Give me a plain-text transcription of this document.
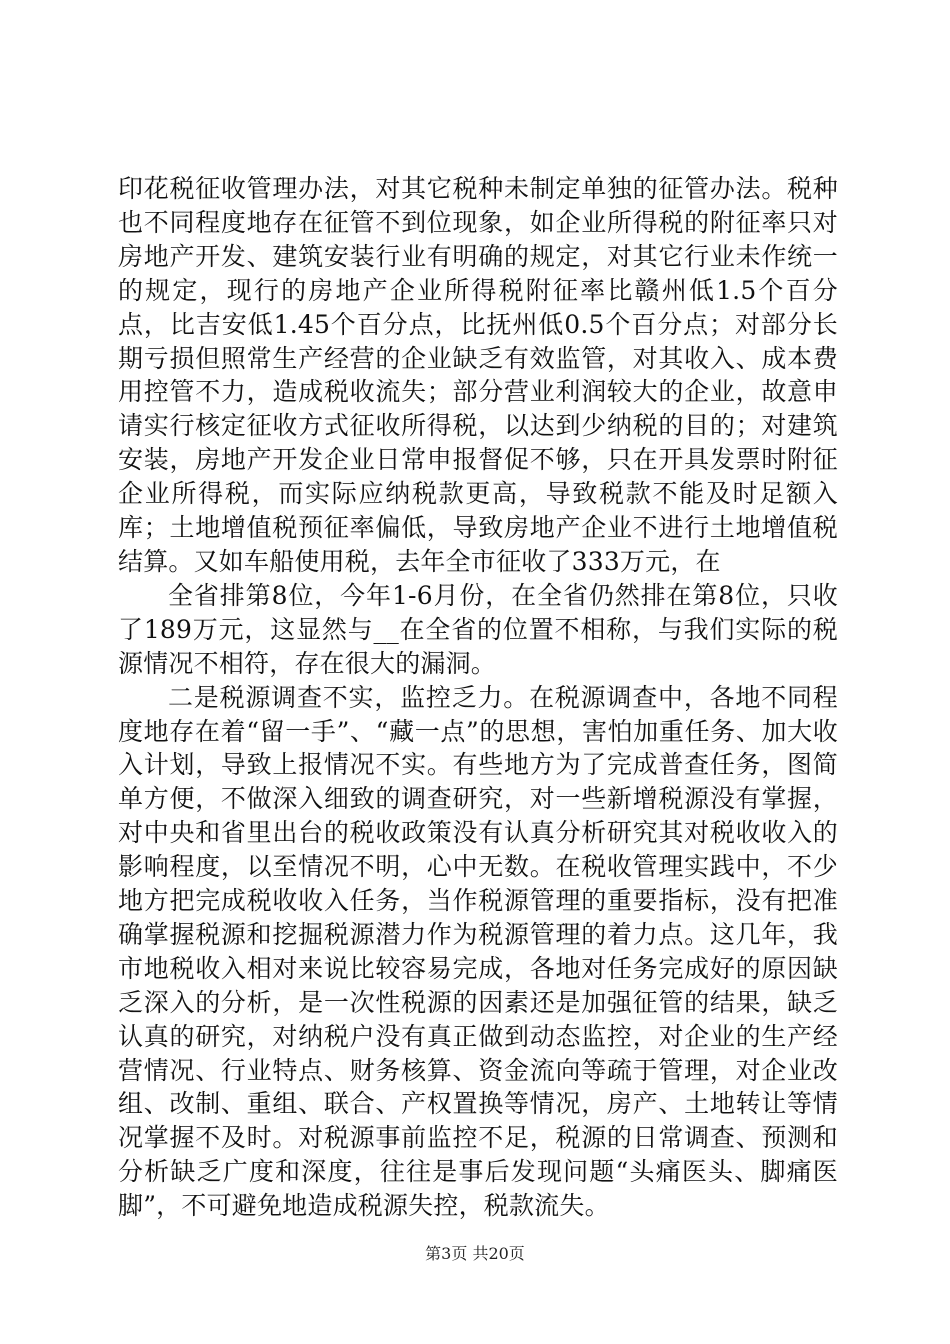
印花税征收管理办法，对其它税种未制定单独的征管办法。税种也不同程度地存在征管不到位现象，如企业所得税的附征率只对房地产开发、建筑安装行业有明确的规定，对其它行业未作统一的规定，现行的房地产企业所得税附征率比赣州低1.5个百分点，比吉安低1.45个百分点，比抚州低0.5个百分点；对部分长期亏损但照常生产经营的企业缺乏有效监管，对其收入、成本费用控管不力，造成税收流失；部分营业利润较大的企业，故意申请实行核定征收方式征收所得税，以达到少纳税的目的；对建筑安装，房地产开发企业日常申报督促不够，只在开具发票时附征企业所得税，而实际应纳税款更高，导致税款不能及时足额入库；土地增值税预征率偏低，导致房地产企业不进行土地增值税结算。又如车船使用税，去年全市征收了333万元，在

全省排第8位，今年1-6月份，在全省仍然排在第8位，只收了189万元，这显然与__在全省的位置不相称，与我们实际的税源情况不相符，存在很大的漏洞。

二是税源调查不实，监控乏力。在税源调查中，各地不同程度地存在着“留一手”、“藏一点”的思想，害怕加重任务、加大收入计划，导致上报情况不实。有些地方为了完成普查任务，图简单方便，不做深入细致的调查研究，对一些新增税源没有掌握，对中央和省里出台的税收政策没有认真分析研究其对税收收入的影响程度，以至情况不明，心中无数。在税收管理实践中，不少地方把完成税收收入任务，当作税源管理的重要指标，没有把准确掌握税源和挖掘税源潜力作为税源管理的着力点。这几年，我市地税收入相对来说比较容易完成，各地对任务完成好的原因缺乏深入的分析，是一次性税源的因素还是加强征管的结果，缺乏认真的研究，对纳税户没有真正做到动态监控，对企业的生产经营情况、行业特点、财务核算、资金流向等疏于管理，对企业改组、改制、重组、联合、产权置换等情况，房产、土地转让等情况掌握不及时。对税源事前监控不足，税源的日常调查、预测和分析缺乏广度和深度，往往是事后发现问题“头痛医头、脚痛医脚”，不可避免地造成税源失控，税款流失。

第3页 共20页
